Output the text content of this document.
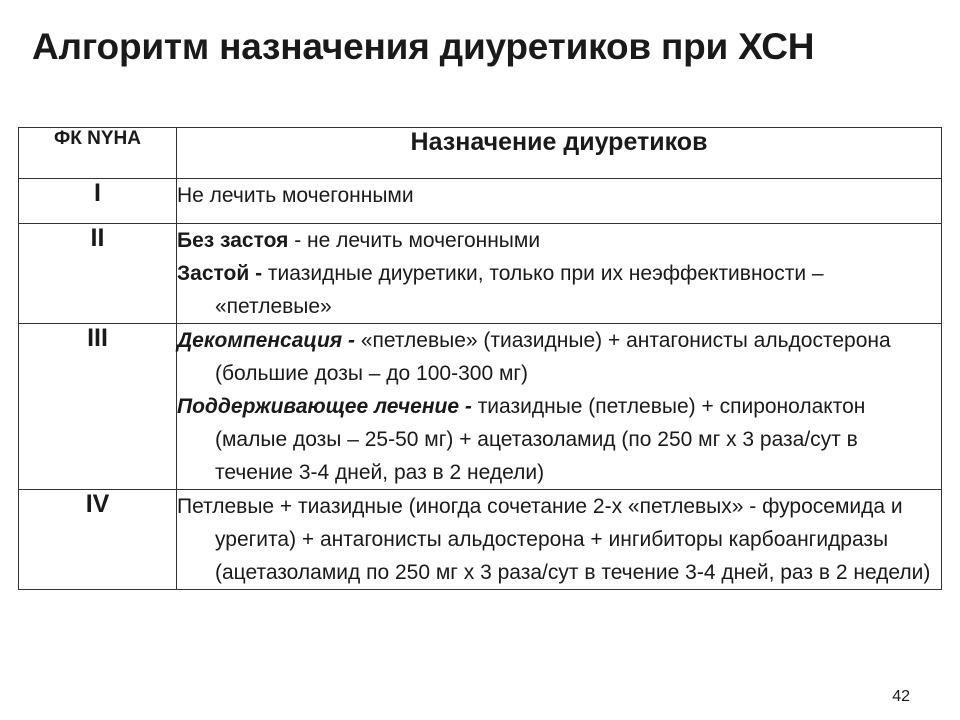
Алгоритм назначения диуретиков при ХСН
ФК NYHA	Назначение диуретиков
I	Не лечить мочегонными

II	Без застоя - не лечить мочегонными
Застой - тиазидные диуретики, только при их неэффективности – «петлевые»

III	Декомпенсация - «петлевые» (тиазидные) + антагонисты альдостерона (большие дозы – до 100-300 мг)
Поддерживающее лечение - тиазидные (петлевые) + спиронолактон (малые дозы – 25-50 мг) + ацетазоламид (по 250 мг х 3 раза/сут в течение 3-4 дней, раз в 2 недели)

IV	Петлевые + тиазидные (иногда сочетание 2-х «петлевых» - фуросемида и урегита) + антагонисты альдостерона + ингибиторы карбоангидразы (ацетазоламид по 250 мг х 3 раза/сут в течение 3-4 дней, раз в 2 недели)
42
